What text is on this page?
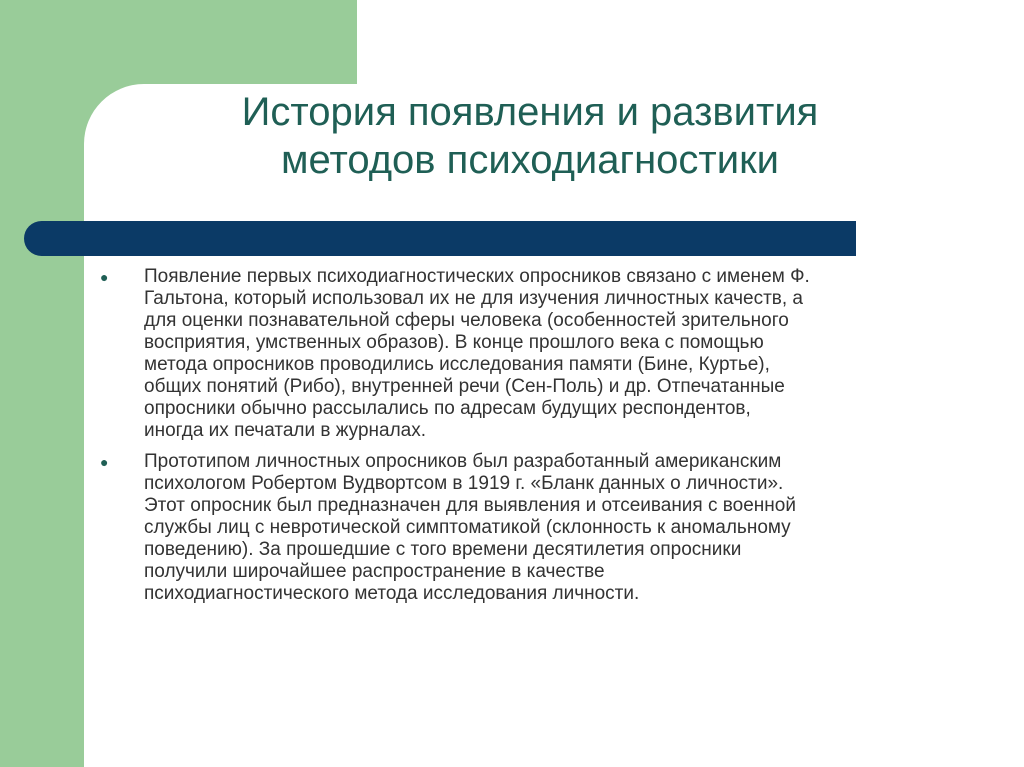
История появления и развития
методов психодиагностики
●	Появление первых психодиагностических опросников связано с именем Ф.
Гальтона, который использовал их не для изучения личностных качеств, а
для оценки познавательной сферы человека (особенностей зрительного
восприятия, умственных образов). В конце прошлого века с помощью
метода опросников проводились исследования памяти (Бине, Куртье),
общих понятий (Рибо), внутренней речи (Сен-Поль) и др. Отпечатанные
опросники обычно рассылались по адресам будущих респондентов,
иногда их печатали в журналах.
●	Прототипом личностных опросников был разработанный американским
психологом Робертом Вудвортсом в 1919 г. «Бланк данных о личности».
Этот опросник был предназначен для выявления и отсеивания с военной
службы лиц с невротической симптоматикой (склонность к аномальному
поведению). За прошедшие с того времени десятилетия опросники
получили широчайшее распространение в качестве
психодиагностического метода исследования личности.
